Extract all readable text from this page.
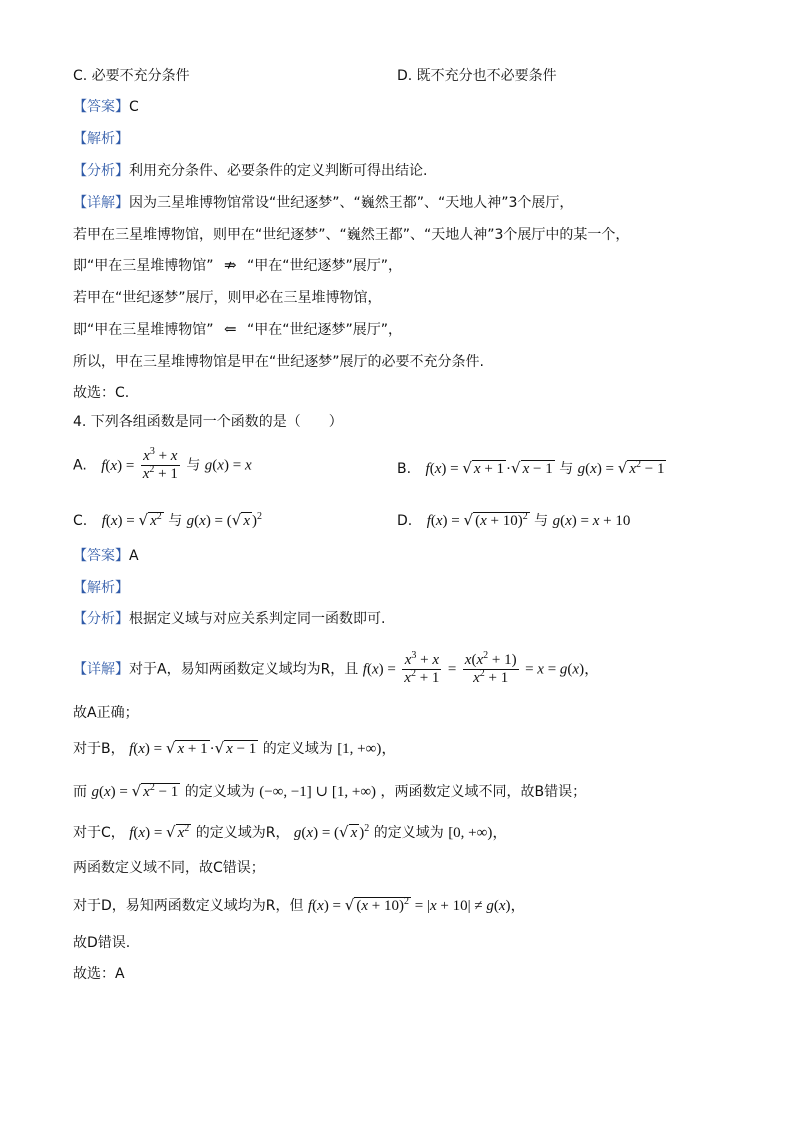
C. 必要不充分条件	D. 既不充分也不必要条件
【答案】C
【解析】
【分析】利用充分条件、必要条件的定义判断可得出结论.
【详解】因为三星堆博物馆常设“世纪逐梦”、“巍然王都”、“天地人神”3个展厅，
若甲在三星堆博物馆，则甲在“世纪逐梦”、“巍然王都”、“天地人神”3个展厅中的某一个，
即“甲在三星堆博物馆” ⇏ “甲在“世纪逐梦”展厅”，
若甲在“世纪逐梦”展厅，则甲必在三星堆博物馆，
即“甲在三星堆博物馆” ⇐ “甲在“世纪逐梦”展厅”，
所以，甲在三星堆博物馆是甲在“世纪逐梦”展厅的必要不充分条件.
故选：C.
4. 下列各组函数是同一个函数的是（　　）
A. $f(x) = \frac{x^3 + x}{x^2 + 1}$ 与 g(x) = x	B. f(x) = √ x + 1 ·√ x − 1 与 g(x) = √ $x^2 - 1$
C. f(x) = √ $x^2$ 与 g(x) = (√ x )$^2$	D. f(x) = √ $(x + 10)^2$ 与 g(x) = x + 10
【答案】A
【解析】
【分析】根据定义域与对应关系判定同一函数即可.
【详解】对于A，易知两函数定义域均为R，且 $f(x) = \frac{x^3 + x}{x^2 + 1} = \frac{x(x^2 + 1)}{x^2 + 1} = x = g(x)$，
故A正确；
对于B， f(x) = √ x + 1 ·√ x − 1 的定义域为 [1, +∞)，
而 g(x) = √ $x^2 - 1$ 的定义域为 (−∞, −1] ∪ [1, +∞) ，两函数定义域不同，故B错误；
对于C， f(x) = √ $x^2$ 的定义域为R， g(x) = (√ x )$^2$ 的定义域为 [0, +∞)，
两函数定义域不同，故C错误；
对于D，易知两函数定义域均为R，但 f(x) = √ $(x + 10)^2 = |x + 10| \ne g(x)$，
故D错误.
故选：A
